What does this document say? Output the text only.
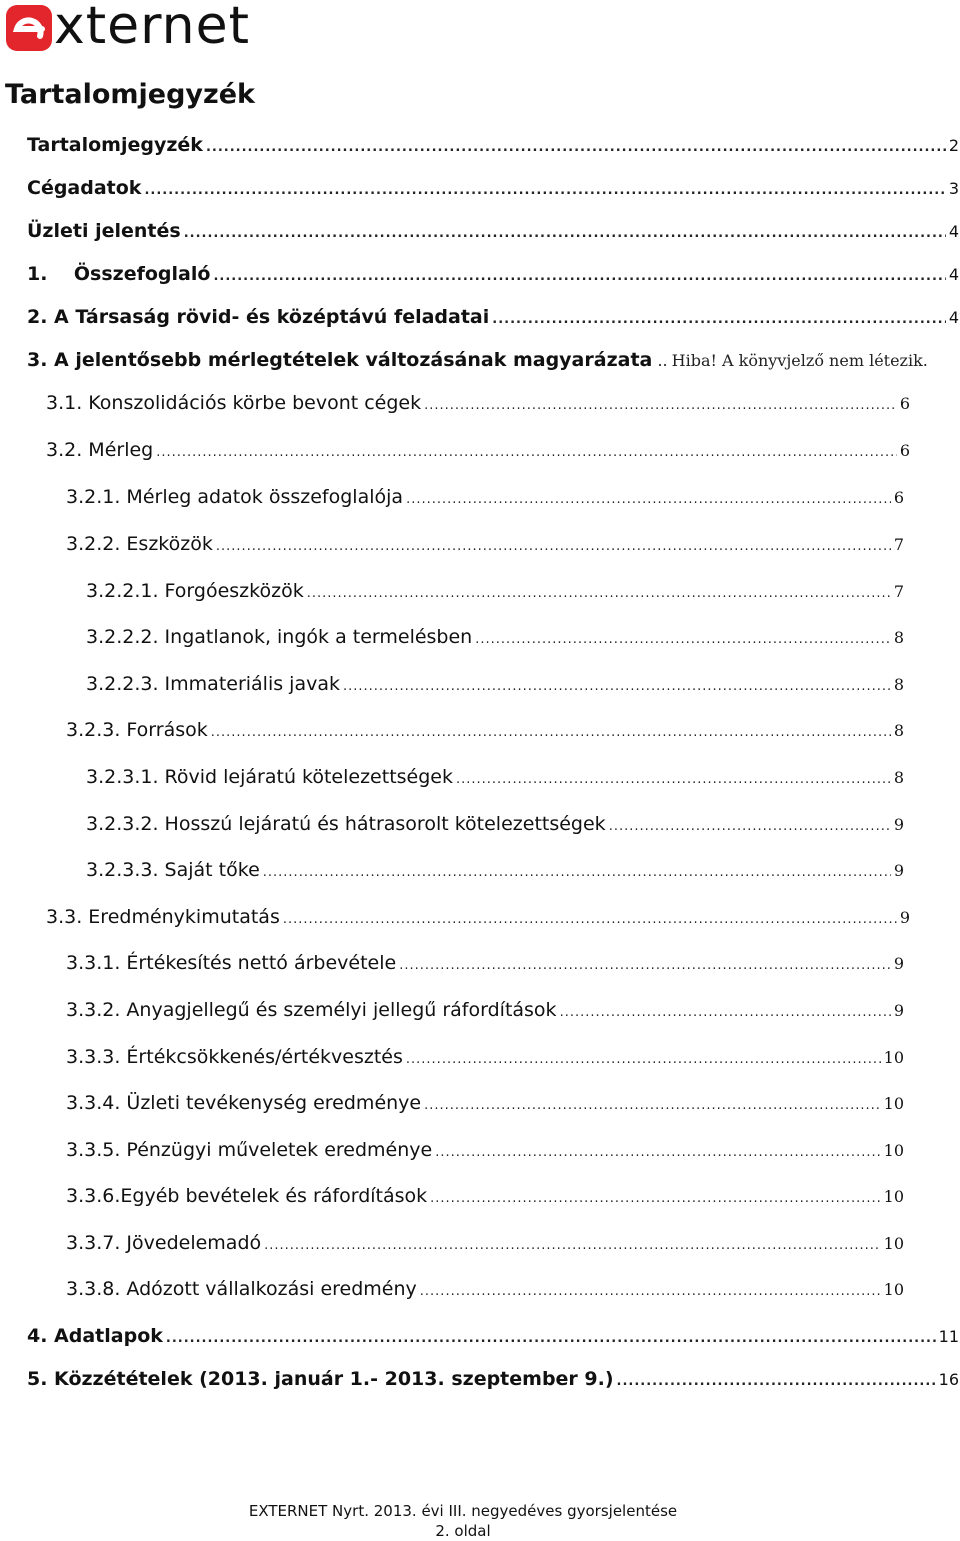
xternet
Tartalomjegyzék
Tartalomjegyzék .....	2
Cégadatok .....	3
Üzleti jelentés .....	4
1.    Összefoglaló .....	4
2. A Társaság rövid- és középtávú feladatai .....	4
3. A jelentősebb mérlegtételek változásának magyarázata .. Hiba! A könyvjelző nem létezik.
3.1. Konszolidációs körbe bevont cégek .....	6
3.2. Mérleg .....	6
3.2.1. Mérleg adatok összefoglalója .....	6
3.2.2. Eszközök .....	7
3.2.2.1. Forgóeszközök .....	7
3.2.2.2. Ingatlanok, ingók a termelésben .....	8
3.2.2.3. Immateriális javak .....	8
3.2.3. Források .....	8
3.2.3.1. Rövid lejáratú kötelezettségek .....	8
3.2.3.2. Hosszú lejáratú és hátrasorolt kötelezettségek .....	9
3.2.3.3. Saját tőke .....	9
3.3. Eredménykimutatás .....	9
3.3.1. Értékesítés nettó árbevétele .....	9
3.3.2. Anyagjellegű és személyi jellegű ráfordítások .....	9
3.3.3. Értékcsökkenés/értékvesztés .....	10
3.3.4. Üzleti tevékenység eredménye .....	10
3.3.5. Pénzügyi műveletek eredménye .....	10
3.3.6.Egyéb bevételek és ráfordítások .....	10
3.3.7. Jövedelemadó .....	10
3.3.8. Adózott vállalkozási eredmény .....	10
4. Adatlapok .....	11
5. Közzétételek (2013. január 1.- 2013. szeptember 9.) .....	16
EXTERNET Nyrt. 2013. évi III. negyedéves gyorsjelentése
2. oldal
